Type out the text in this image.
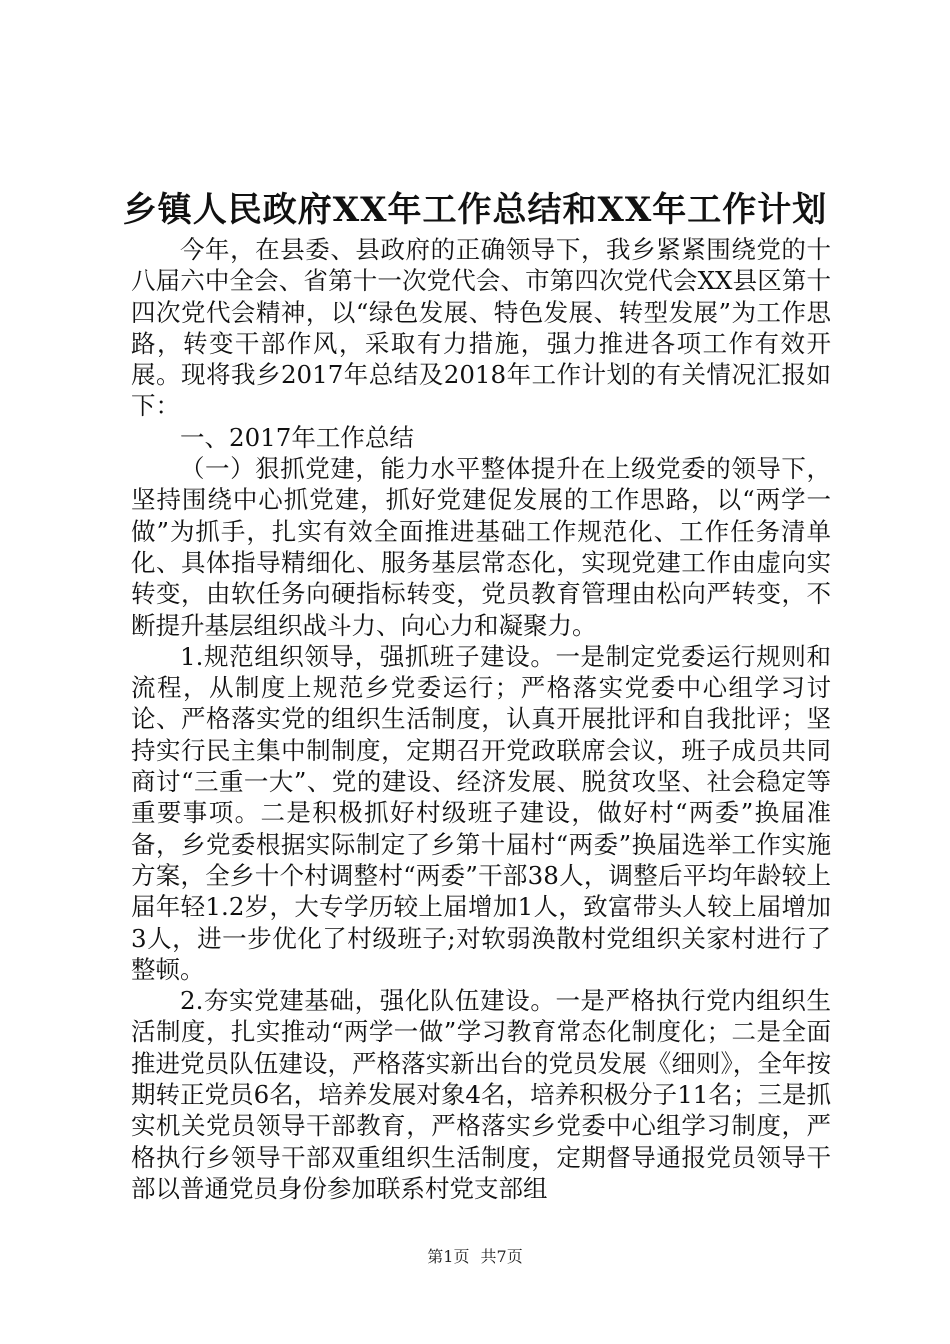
乡镇人民政府XX年工作总结和XX年工作计划

今年，在县委、县政府的正确领导下，我乡紧紧围绕党的十八届六中全会、省第十一次党代会、市第四次党代会XX县区第十四次党代会精神，以“绿色发展、特色发展、转型发展”为工作思路，转变干部作风，采取有力措施，强力推进各项工作有效开展。现将我乡2017年总结及2018年工作计划的有关情况汇报如下：

一、2017年工作总结

（一）狠抓党建，能力水平整体提升在上级党委的领导下，坚持围绕中心抓党建，抓好党建促发展的工作思路，以“两学一做”为抓手，扎实有效全面推进基础工作规范化、工作任务清单化、具体指导精细化、服务基层常态化，实现党建工作由虚向实转变，由软任务向硬指标转变，党员教育管理由松向严转变，不断提升基层组织战斗力、向心力和凝聚力。

1.规范组织领导，强抓班子建设。一是制定党委运行规则和流程，从制度上规范乡党委运行；严格落实党委中心组学习讨论、严格落实党的组织生活制度，认真开展批评和自我批评；坚持实行民主集中制制度，定期召开党政联席会议，班子成员共同商讨“三重一大”、党的建设、经济发展、脱贫攻坚、社会稳定等重要事项。二是积极抓好村级班子建设，做好村“两委”换届准备，乡党委根据实际制定了乡第十届村“两委”换届选举工作实施方案，全乡十个村调整村“两委”干部38人，调整后平均年龄较上届年轻1.2岁，大专学历较上届增加1人，致富带头人较上届增加3人，进一步优化了村级班子;对软弱涣散村党组织关家村进行了整顿。

2.夯实党建基础，强化队伍建设。一是严格执行党内组织生活制度，扎实推动“两学一做”学习教育常态化制度化；二是全面推进党员队伍建设，严格落实新出台的党员发展《细则》，全年按期转正党员6名，培养发展对象4名，培养积极分子11名；三是抓实机关党员领导干部教育，严格落实乡党委中心组学习制度，严格执行乡领导干部双重组织生活制度，定期督导通报党员领导干部以普通党员身份参加联系村党支部组

第1页 共7页
